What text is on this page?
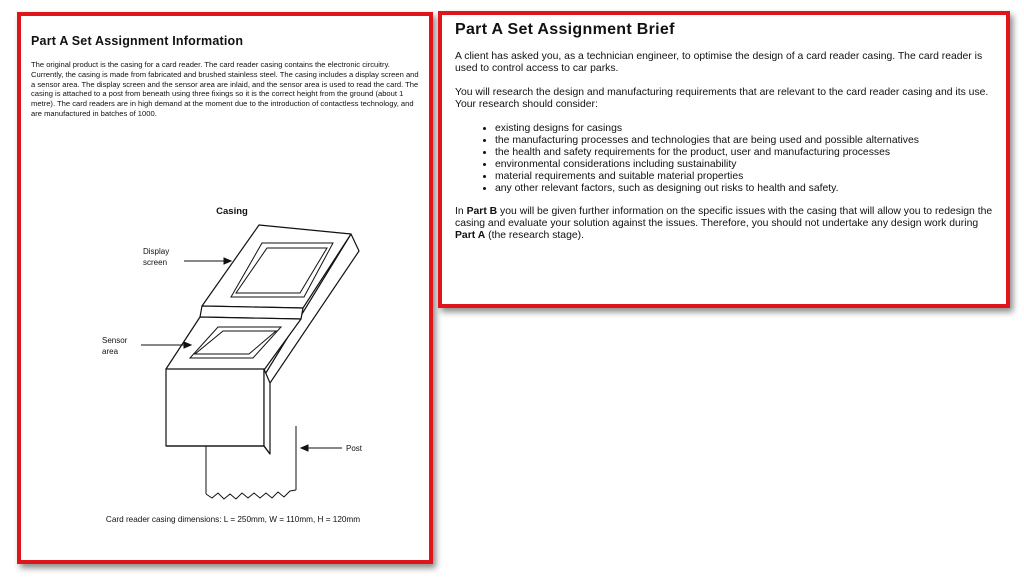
Part A Set Assignment Information

The original product is the casing for a card reader. The card reader casing contains the electronic circuitry. Currently, the casing is made from fabricated and brushed stainless steel. The casing includes a display screen and a sensor area. The display screen and the sensor area are inlaid, and the sensor area is used to read the card. The casing is attached to a post from beneath using three fixings so it is the correct height from the ground (about 1 metre). The card readers are in high demand at the moment due to the introduction of contactless technology, and are manufactured in batches of 1000.

Casing
Display
screen
Sensor
area
Post
Card reader casing dimensions: L = 250mm, W = 110mm, H = 120mm
Part A Set Assignment Brief

A client has asked you, as a technician engineer, to optimise the design of a card reader casing. The card reader is used to control access to car parks.

You will research the design and manufacturing requirements that are relevant to the card reader casing and its use. Your research should consider:

• existing designs for casings
• the manufacturing processes and technologies that are being used and possible alternatives
• the health and safety requirements for the product, user and manufacturing processes
• environmental considerations including sustainability
• material requirements and suitable material properties
• any other relevant factors, such as designing out risks to health and safety.

In Part B you will be given further information on the specific issues with the casing that will allow you to redesign the casing and evaluate your solution against the issues. Therefore, you should not undertake any design work during Part A (the research stage).
